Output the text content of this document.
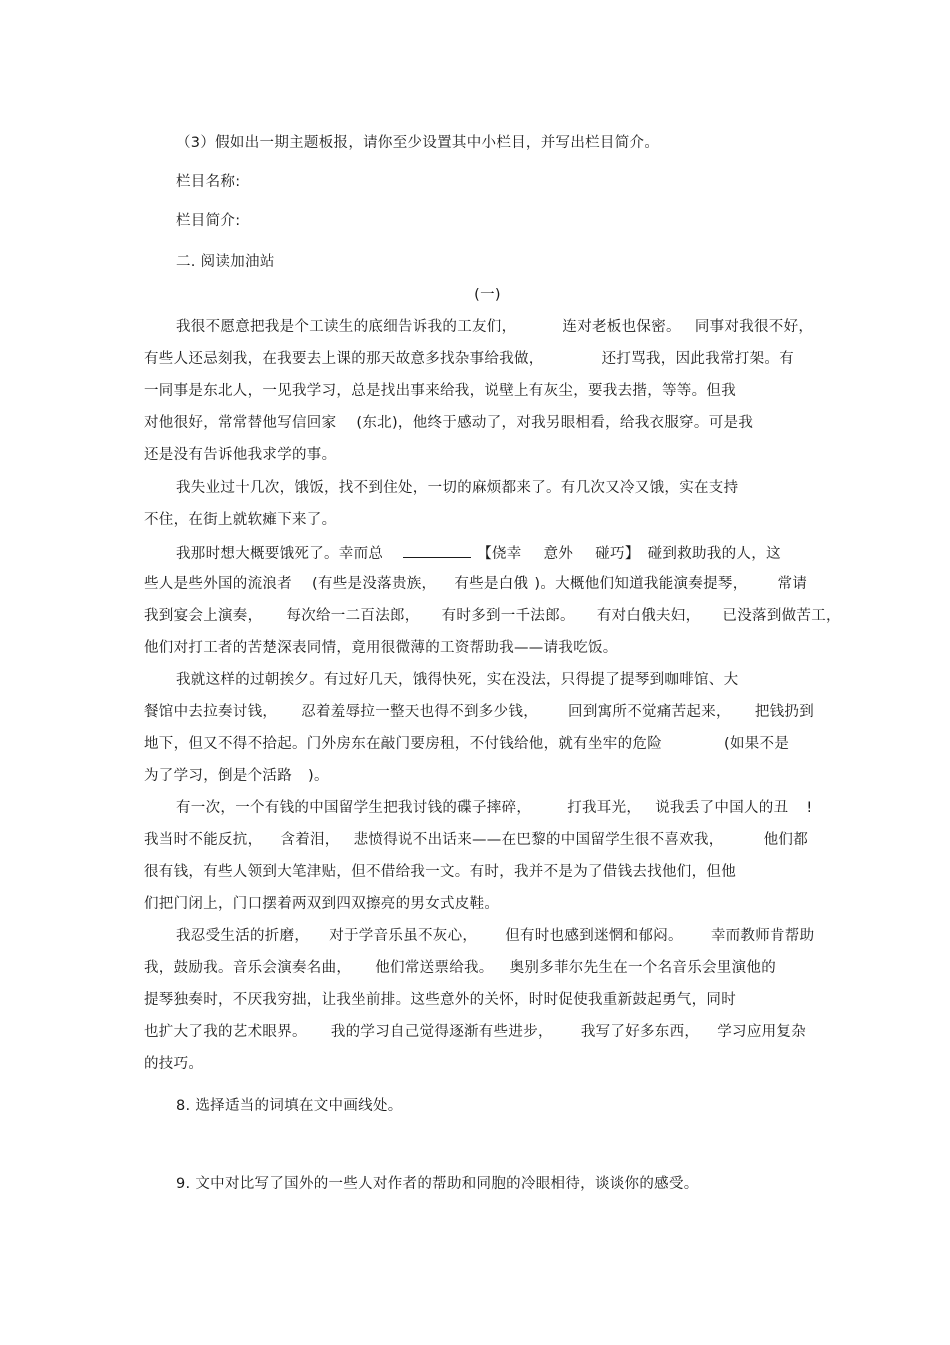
（3）假如出一期主题板报，请你至少设置其中小栏目，并写出栏目简介。
栏目名称:
栏目简介:
二. 阅读加油站
(一)
我很不愿意把我是个工读生的底细告诉我的工友们，	连对老板也保密。 同事对我很不好，
有些人还忌刻我，在我要去上课的那天故意多找杂事给我做，	还打骂我，因此我常打架。有
一同事是东北人，一见我学习，总是找出事来给我，说壁上有灰尘，要我去揩，等等。但我
对他很好，常常替他写信回家 (东北)，他终于感动了，对我另眼相看，给我衣服穿。可是我
还是没有告诉他我求学的事。
我失业过十几次，饿饭，找不到住处，一切的麻烦都来了。有几次又冷又饿，实在支持
不住，在街上就软瘫下来了。
我那时想大概要饿死了。幸而总	【侥幸 意外 碰巧】 碰到救助我的人，这
些人是些外国的流浪者 (有些是没落贵族， 有些是白俄 )。大概他们知道我能演奏提琴， 常请
我到宴会上演奏， 每次给一二百法郎， 有时多到一千法郎。 有对白俄夫妇， 已没落到做苦工，
他们对打工者的苦楚深表同情，竟用很微薄的工资帮助我——请我吃饭。
我就这样的过朝挨夕。有过好几天，饿得快死，实在没法，只得提了提琴到咖啡馆、大
餐馆中去拉奏讨钱， 忍着羞辱拉一整天也得不到多少钱， 回到寓所不觉痛苦起来， 把钱扔到
地下，但又不得不拾起。门外房东在敲门要房租，不付钱给他，就有坐牢的危险	(如果不是
为了学习，倒是个活路 )。
有一次，一个有钱的中国留学生把我讨钱的碟子摔碎， 打我耳光， 说我丢了中国人的丑 !
我当时不能反抗， 含着泪， 悲愤得说不出话来——在巴黎的中国留学生很不喜欢我，	他们都
很有钱，有些人领到大笔津贴，但不借给我一文。有时，我并不是为了借钱去找他们，但他
们把门闭上，门口摆着两双到四双擦亮的男女式皮鞋。
我忍受生活的折磨， 对于学音乐虽不灰心， 但有时也感到迷惘和郁闷。 幸而教师肯帮助
我，鼓励我。音乐会演奏名曲， 他们常送票给我。 奥别多菲尔先生在一个名音乐会里演他的
提琴独奏时，不厌我穷拙，让我坐前排。这些意外的关怀，时时促使我重新鼓起勇气，同时
也扩大了我的艺术眼界。 我的学习自己觉得逐渐有些进步， 我写了好多东西， 学习应用复杂
的技巧。
8. 选择适当的词填在文中画线处。
9. 文中对比写了国外的一些人对作者的帮助和同胞的冷眼相待，谈谈你的感受。
